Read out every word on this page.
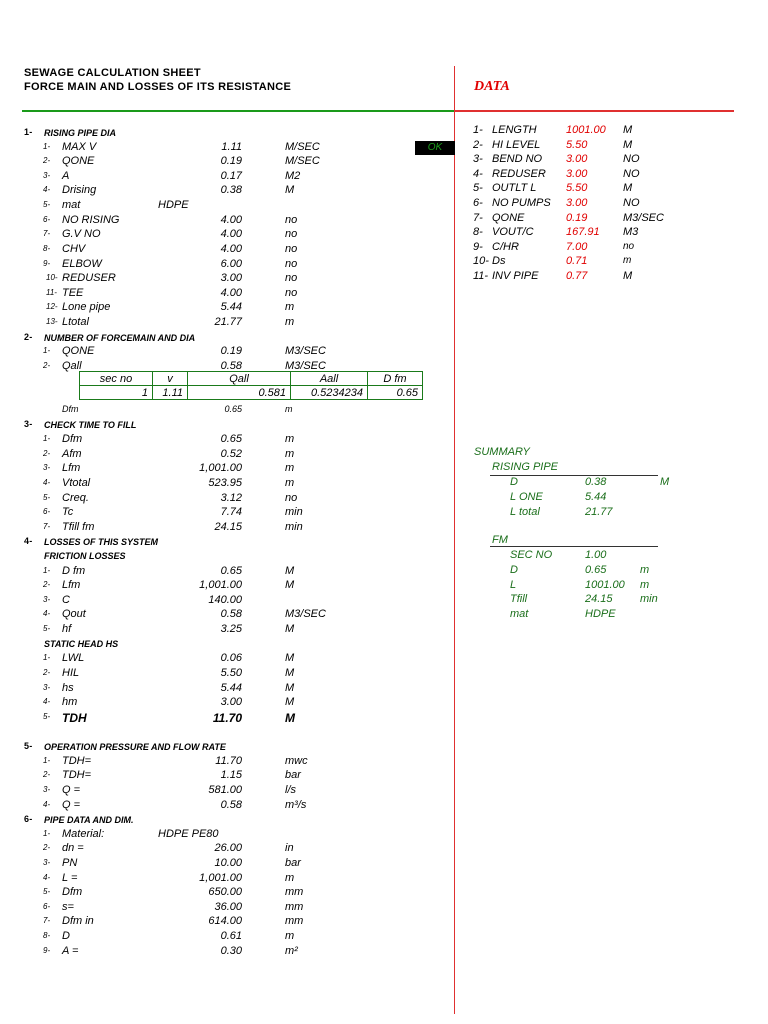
SEWAGE CALCULATION SHEET
FORCE MAIN AND LOSSES OF ITS RESISTANCE	DATA
OK
1- RISING PIPE DIA
1- MAX V	1.11	M/SEC
2- QONE	0.19	M/SEC
3- A	0.17	M2
4- Drising	0.38	M
5- mat	HDPE
6- NO RISING	4.00	no
7- G.V NO	4.00	no
8- CHV	4.00	no
9- ELBOW	6.00	no
10- REDUSER	3.00	no
11- TEE	4.00	no
12- Lone pipe	5.44	m
13- Ltotal	21.77	m
2- NUMBER OF FORCEMAIN AND DIA
1- QONE	0.19	M3/SEC
2- Qall	0.58	M3/SEC
Dfm	0.65	m
3- CHECK TIME TO FILL
1- Dfm	0.65	m
2- Afm	0.52	m
3- Lfm	1,001.00	m
4- Vtotal	523.95	m
5- Creq.	3.12	no
6- Tc	7.74	min
7- Tfill fm	24.15	min
4- LOSSES OF THIS SYSTEM
FRICTION LOSSES
1- D fm	0.65	M
2- Lfm	1,001.00	M
3- C	140.00
4- Qout	0.58	M3/SEC
5- hf	3.25	M
STATIC HEAD HS
1- LWL	0.06	M
2- HIL	5.50	M
3- hs	5.44	M
4- hm	3.00	M
5- TDH	11.70	M
5- OPERATION PRESSURE AND FLOW RATE
1- TDH=	11.70	mwc
2- TDH=	1.15	bar
3- Q =	581.00	l/s
4- Q =	0.58	m³/s
6- PIPE DATA AND DIM.
1- Material:	HDPE PE80
2- dn =	26.00	in
3- PN	10.00	bar
4- L =	1,001.00	m
5- Dfm	650.00	mm
6- s=	36.00	mm
7- Dfm in	614.00	mm
8- D	0.61	m
9- A =	0.30	m²
sec no	v	Qall	Aall	D fm
1	1.11	0.581	0.5234234	0.65
1- LENGTH	1001.00 M
2- HI LEVEL 5.50	M
3- BEND NO 3.00	NO
4- REDUSER 3.00	NO
5- OUTLT L	5.50	M
6- NO PUMPS 3.00	NO
7- QONE	0.19	M3/SEC
8- VOUT/C	167.91 M3
9- C/HR	7.00	no
10- Ds	0.71	m
11- INV PIPE	0.77	M
SUMMARY
RISING PIPE
FM
D	0.38	M
L ONE	5.44
L total	21.77
SEC NO	1.00
D	0.65	m
L	1001.00 m
Tfill	24.15 min
mat	HDPE
